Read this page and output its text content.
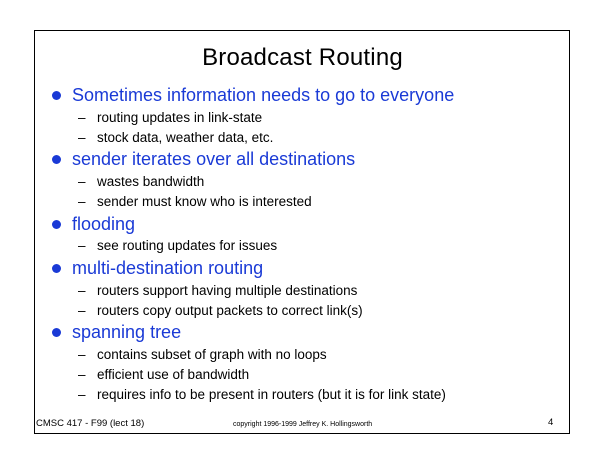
Broadcast Routing
Sometimes information needs to go to everyone
– routing updates in link-state
– stock data, weather data, etc.
sender iterates over all destinations
– wastes bandwidth
– sender must know who is interested
flooding
– see routing updates for issues
multi-destination routing
– routers support having multiple destinations
– routers copy output packets to correct link(s)
spanning tree
– contains subset of graph with no loops
– efficient use of bandwidth
– requires info to be present in routers (but it is for link state)
CMSC 417 - F99 (lect 18)	copyright 1996-1999 Jeffrey K. Hollingsworth	4
